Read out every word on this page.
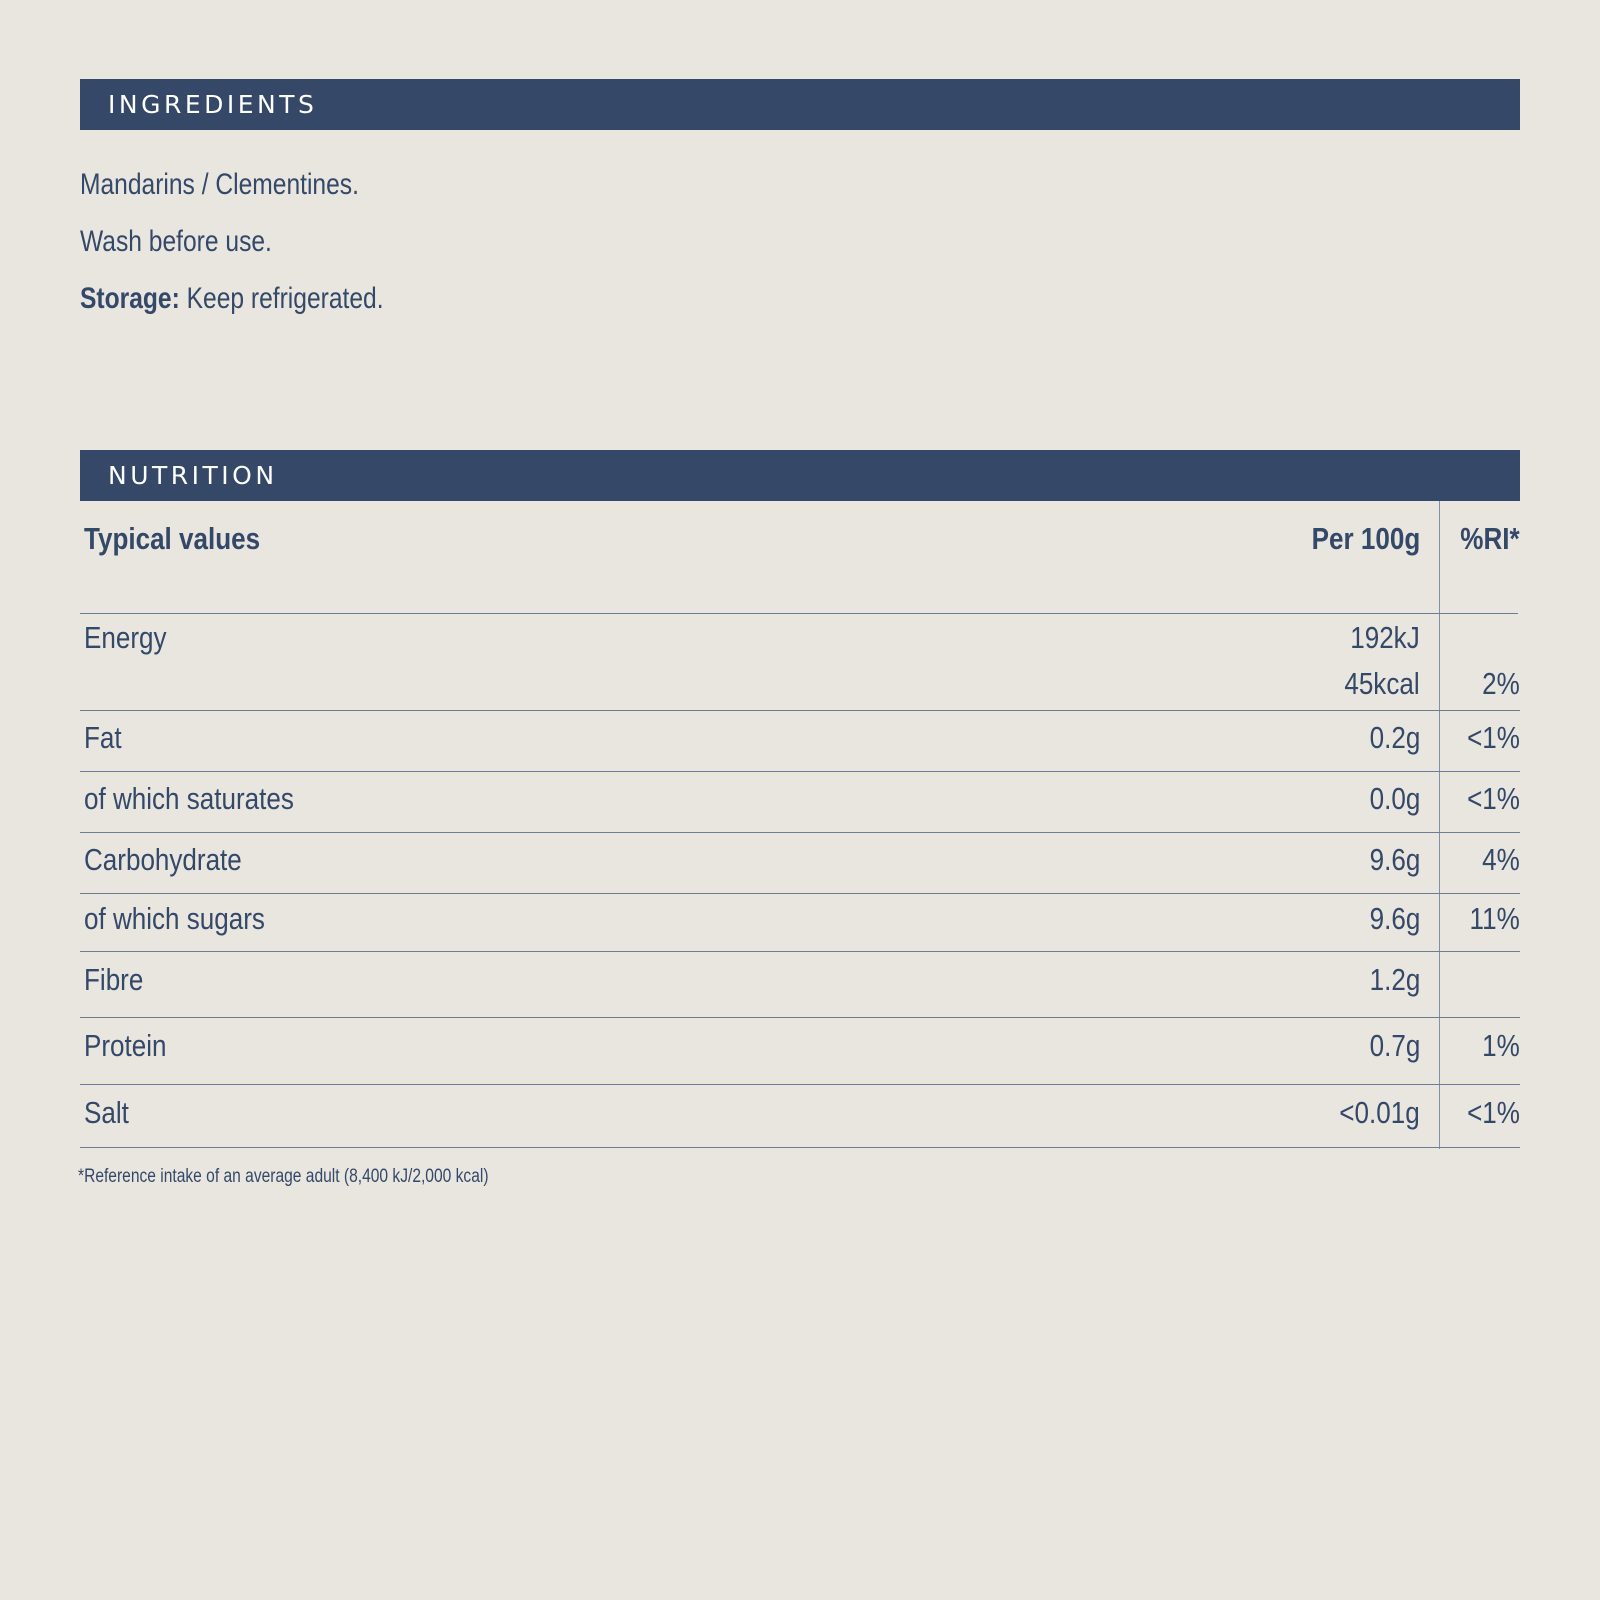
INGREDIENTS
Mandarins / Clementines.
Wash before use.
Storage: Keep refrigerated.
NUTRITION
Typical values	Per 100g %RI*
Energy	192kJ
45kcal 2%
Fat	0.2g <1%
of which saturates	0.0g <1%
Carbohydrate	9.6g 4%
of which sugars	9.6g 11%
Fibre	1.2g
Protein	0.7g 1%
Salt	<0.01g <1%
*Reference intake of an average adult (8,400 kJ/2,000 kcal)
